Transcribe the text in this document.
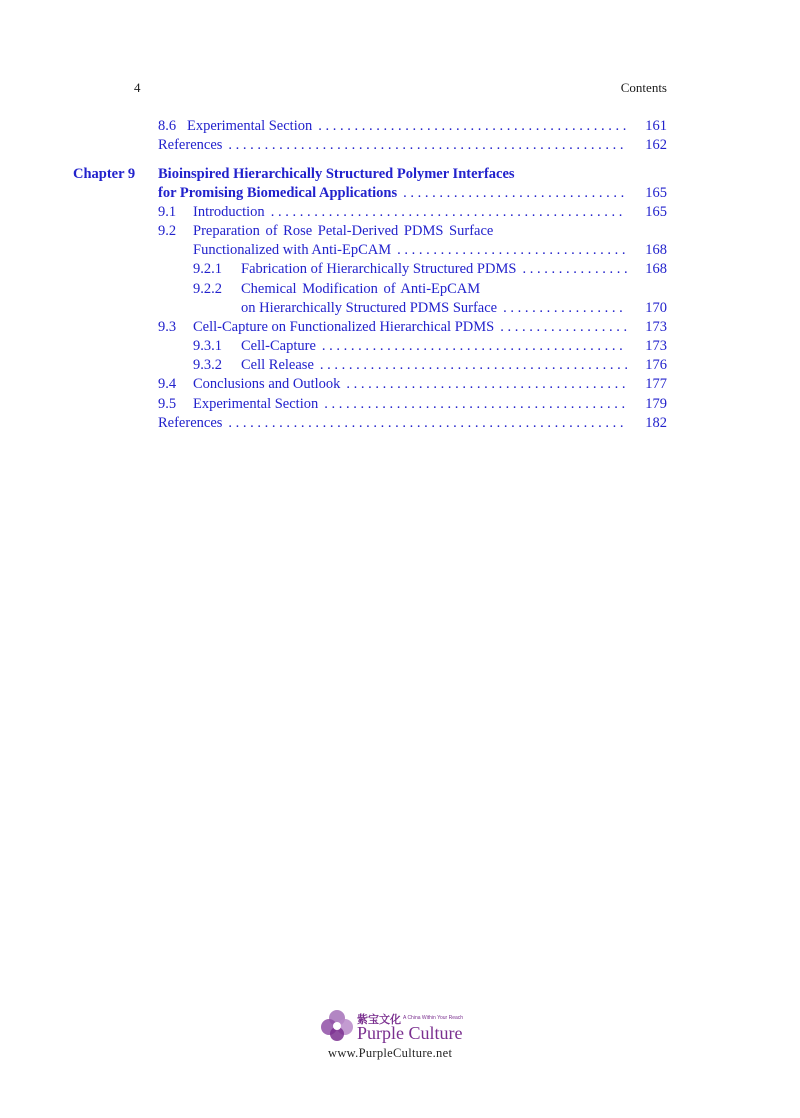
4	Contents
8.6 Experimental Section . . .	161
References . . .	162
Chapter 9 Bioinspired Hierarchically Structured Polymer Interfaces
for Promising Biomedical Applications . . .	165
9.1 Introduction . . .	165
9.2 Preparation of Rose Petal-Derived PDMS Surface
Functionalized with Anti-EpCAM . . .	168
9.2.1 Fabrication of Hierarchically Structured PDMS . . .	168
9.2.2 Chemical Modification of Anti-EpCAM
on Hierarchically Structured PDMS Surface . . .	170
9.3 Cell-Capture on Functionalized Hierarchical PDMS . . .	173
9.3.1 Cell-Capture . . .	173
9.3.2 Cell Release . . .	176
9.4 Conclusions and Outlook . . .	177
9.5 Experimental Section . . .	179
References . . .	182
紫宝文化 A China Within Your Reach
Purple Culture
www.PurpleCulture.net
